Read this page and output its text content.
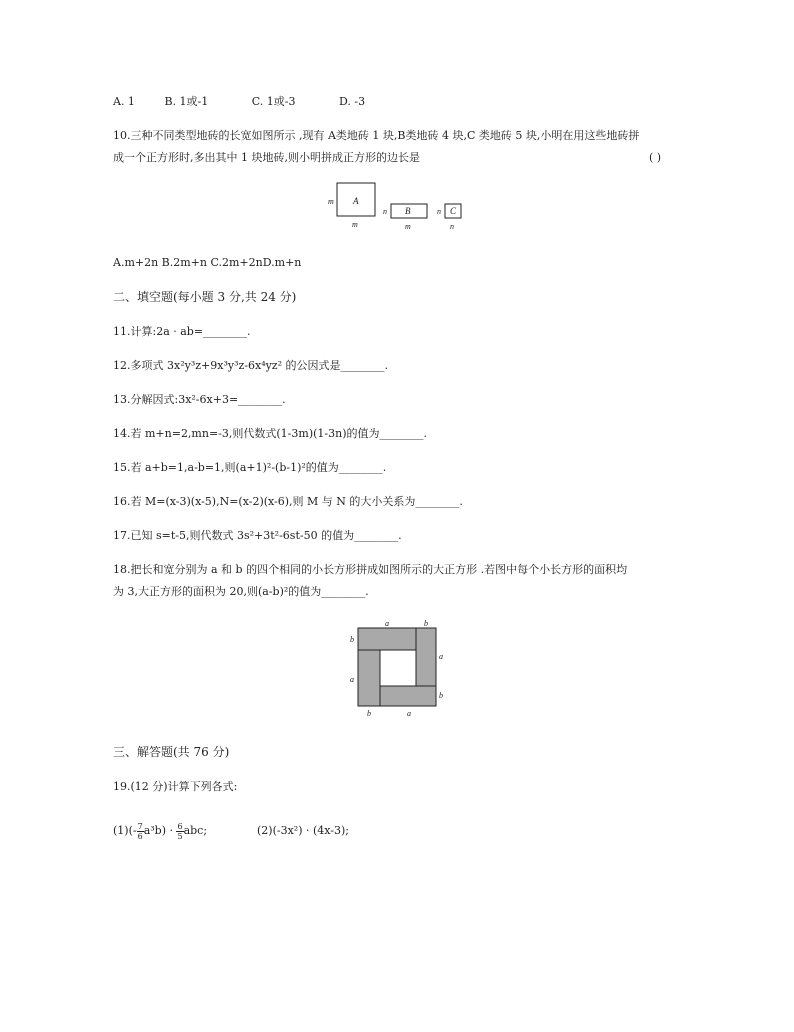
A. 1	B. 1或-1	C. 1或-3	D. -3
10.三种不同类型地砖的长宽如图所示 ,现有 A类地砖 1 块,B类地砖 4 块,C 类地砖 5 块,小明在用这些地砖拼
成一个正方形时,多出其中 1 块地砖,则小明拼成正方形的边长是	( )
A
m
m
B
n
m
C
n
n
A.m+2n B.2m+n C.2m+2nD.m+n
二、填空题(每小题 3 分,共 24 分)
11.计算:2a · ab=________.
12.多项式 3x²y³z+9x³y³z-6x⁴yz² 的公因式是________.
13.分解因式:3x²-6x+3=________.
14.若 m+n=2,mn=-3,则代数式(1-3m)(1-3n)的值为________.
15.若 a+b=1,a-b=1,则(a+1)²-(b-1)²的值为________.
16.若 M=(x-3)(x-5),N=(x-2)(x-6),则 M 与 N 的大小关系为________.
17.已知 s=t-5,则代数式 3s²+3t²-6st-50 的值为________.
18.把长和宽分别为 a 和 b 的四个相同的小长方形拼成如图所示的大正方形 .若图中每个小长方形的面积均
为 3,大正方形的面积为 20,则(a-b)²的值为________.
a	b
b
a
a
b
b	a
三、解答题(共 76 分)
19.(12 分)计算下列各式:
$(1)(- \frac{7}{6} a^3b) \cdot \frac{6}{5}$ abc;	(2)(-3x²) · (4x-3);
